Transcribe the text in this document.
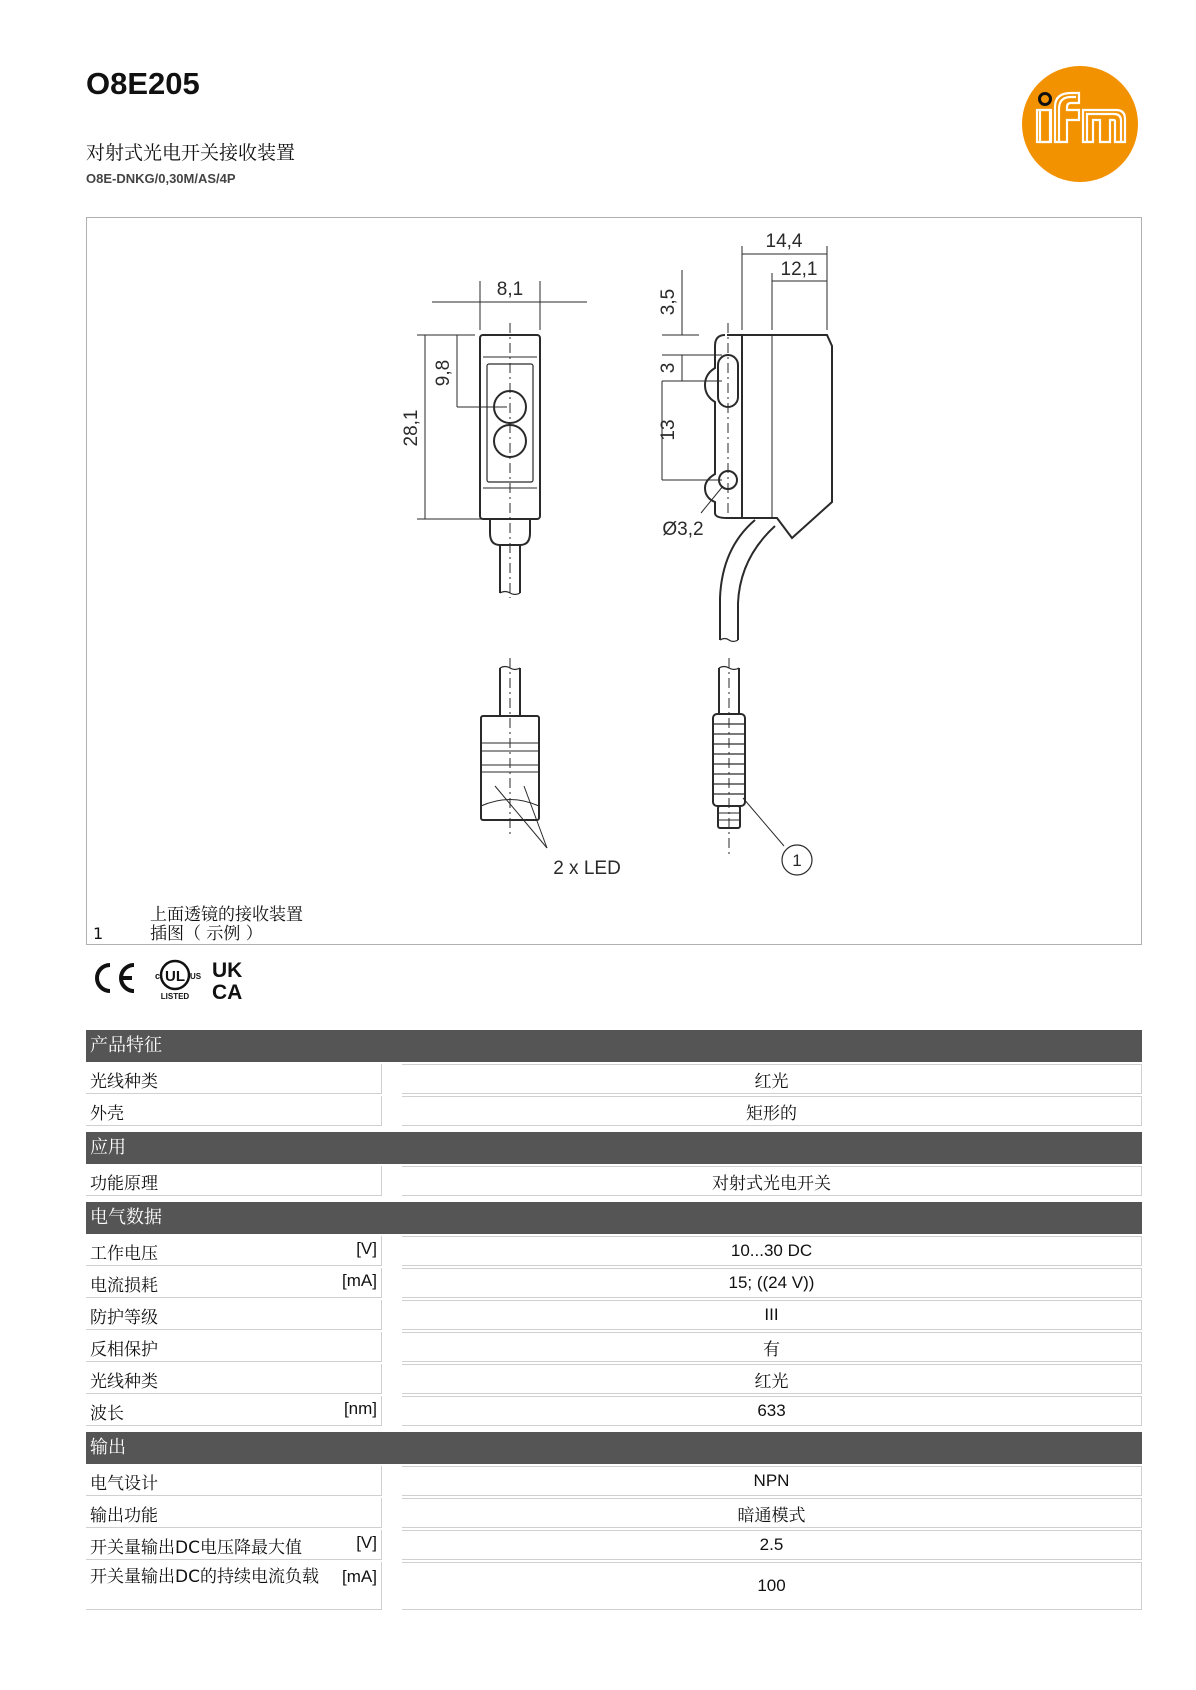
O8E205
对射式光电开关接收装置
O8E-DNKG/0,30M/AS/4P
8,1
9,8
28,1
14,4
12,1
3,5
3
13
Ø3,2
2 x LED	1
1
上面透镜的接收装置
插图（ 示例 ）
UL
c	US
LISTED
UK
CA
产品特征
光线种类	红光
外壳	矩形的
应用
功能原理	对射式光电开关
电气数据
工作电压	[V]	10...30 DC
电流损耗	[mA]	15; ((24 V))
防护等级	III
反相保护	有
光线种类	红光
波长	[nm]	633
输出
电气设计	NPN
输出功能	暗通模式
开关量输出DC电压降最大值	[V]	2.5
开关量输出DC的持续电流负载 [mA]	100
